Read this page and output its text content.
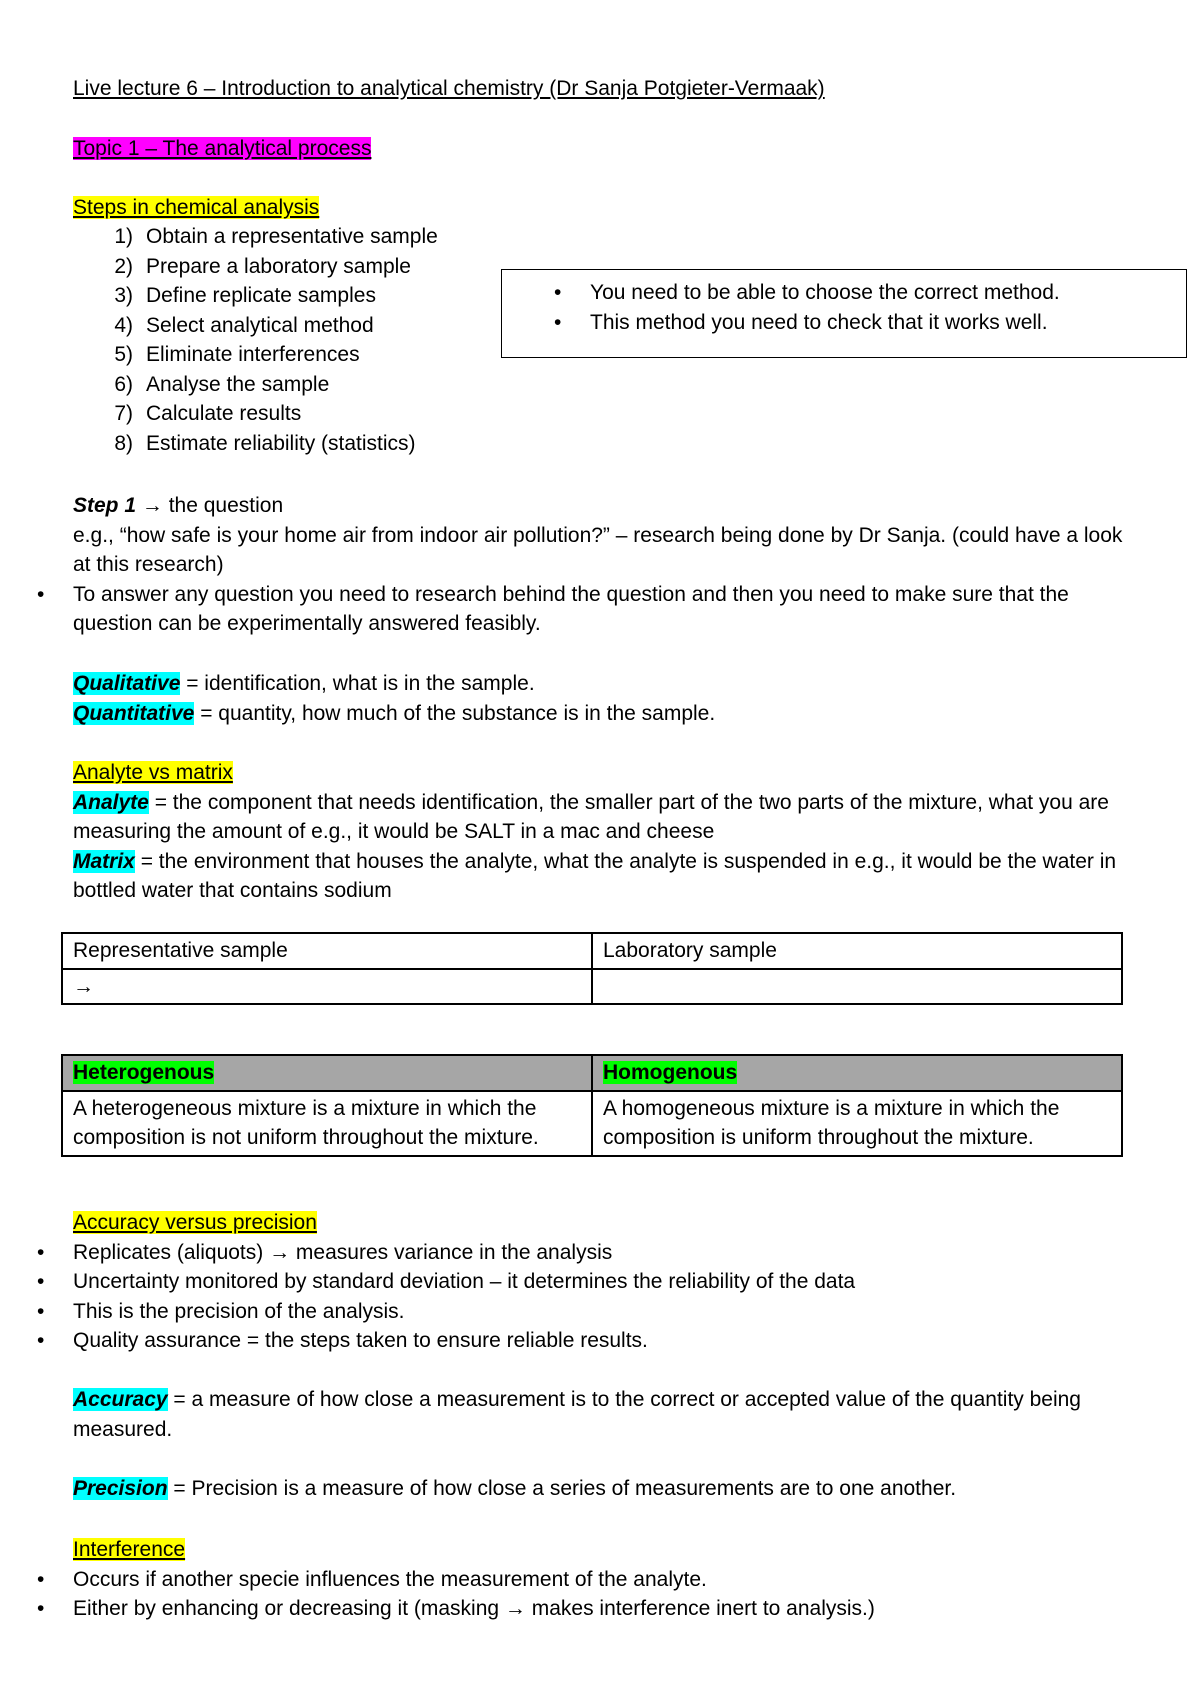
Live lecture 6 – Introduction to analytical chemistry (Dr Sanja Potgieter-Vermaak)
Topic 1 – The analytical process
Steps in chemical analysis
1) Obtain a representative sample
2) Prepare a laboratory sample
3) Define replicate samples
4) Select analytical method
5) Eliminate interferences
6) Analyse the sample
7) Calculate results
8) Estimate reliability (statistics)
• You need to be able to choose the correct method.
• This method you need to check that it works well.
Step 1 → the question
e.g., “how safe is your home air from indoor air pollution?” – research being done by Dr Sanja. (could have a look at this research)
• To answer any question you need to research behind the question and then you need to make sure that the question can be experimentally answered feasibly.
Qualitative = identification, what is in the sample.
Quantitative = quantity, how much of the substance is in the sample.
Analyte vs matrix
Analyte = the component that needs identification, the smaller part of the two parts of the mixture, what you are measuring the amount of e.g., it would be SALT in a mac and cheese
Matrix = the environment that houses the analyte, what the analyte is suspended in e.g., it would be the water in bottled water that contains sodium
Representative sample	Laboratory sample
→	
Heterogenous	Homogenous
A heterogeneous mixture is a mixture in which the composition is not uniform throughout the mixture.	A homogeneous mixture is a mixture in which the composition is uniform throughout the mixture.
Accuracy versus precision
• Replicates (aliquots) → measures variance in the analysis
• Uncertainty monitored by standard deviation – it determines the reliability of the data
• This is the precision of the analysis.
• Quality assurance = the steps taken to ensure reliable results.
Accuracy = a measure of how close a measurement is to the correct or accepted value of the quantity being measured.
Precision = Precision is a measure of how close a series of measurements are to one another.
Interference
• Occurs if another specie influences the measurement of the analyte.
• Either by enhancing or decreasing it (masking → makes interference inert to analysis.)
